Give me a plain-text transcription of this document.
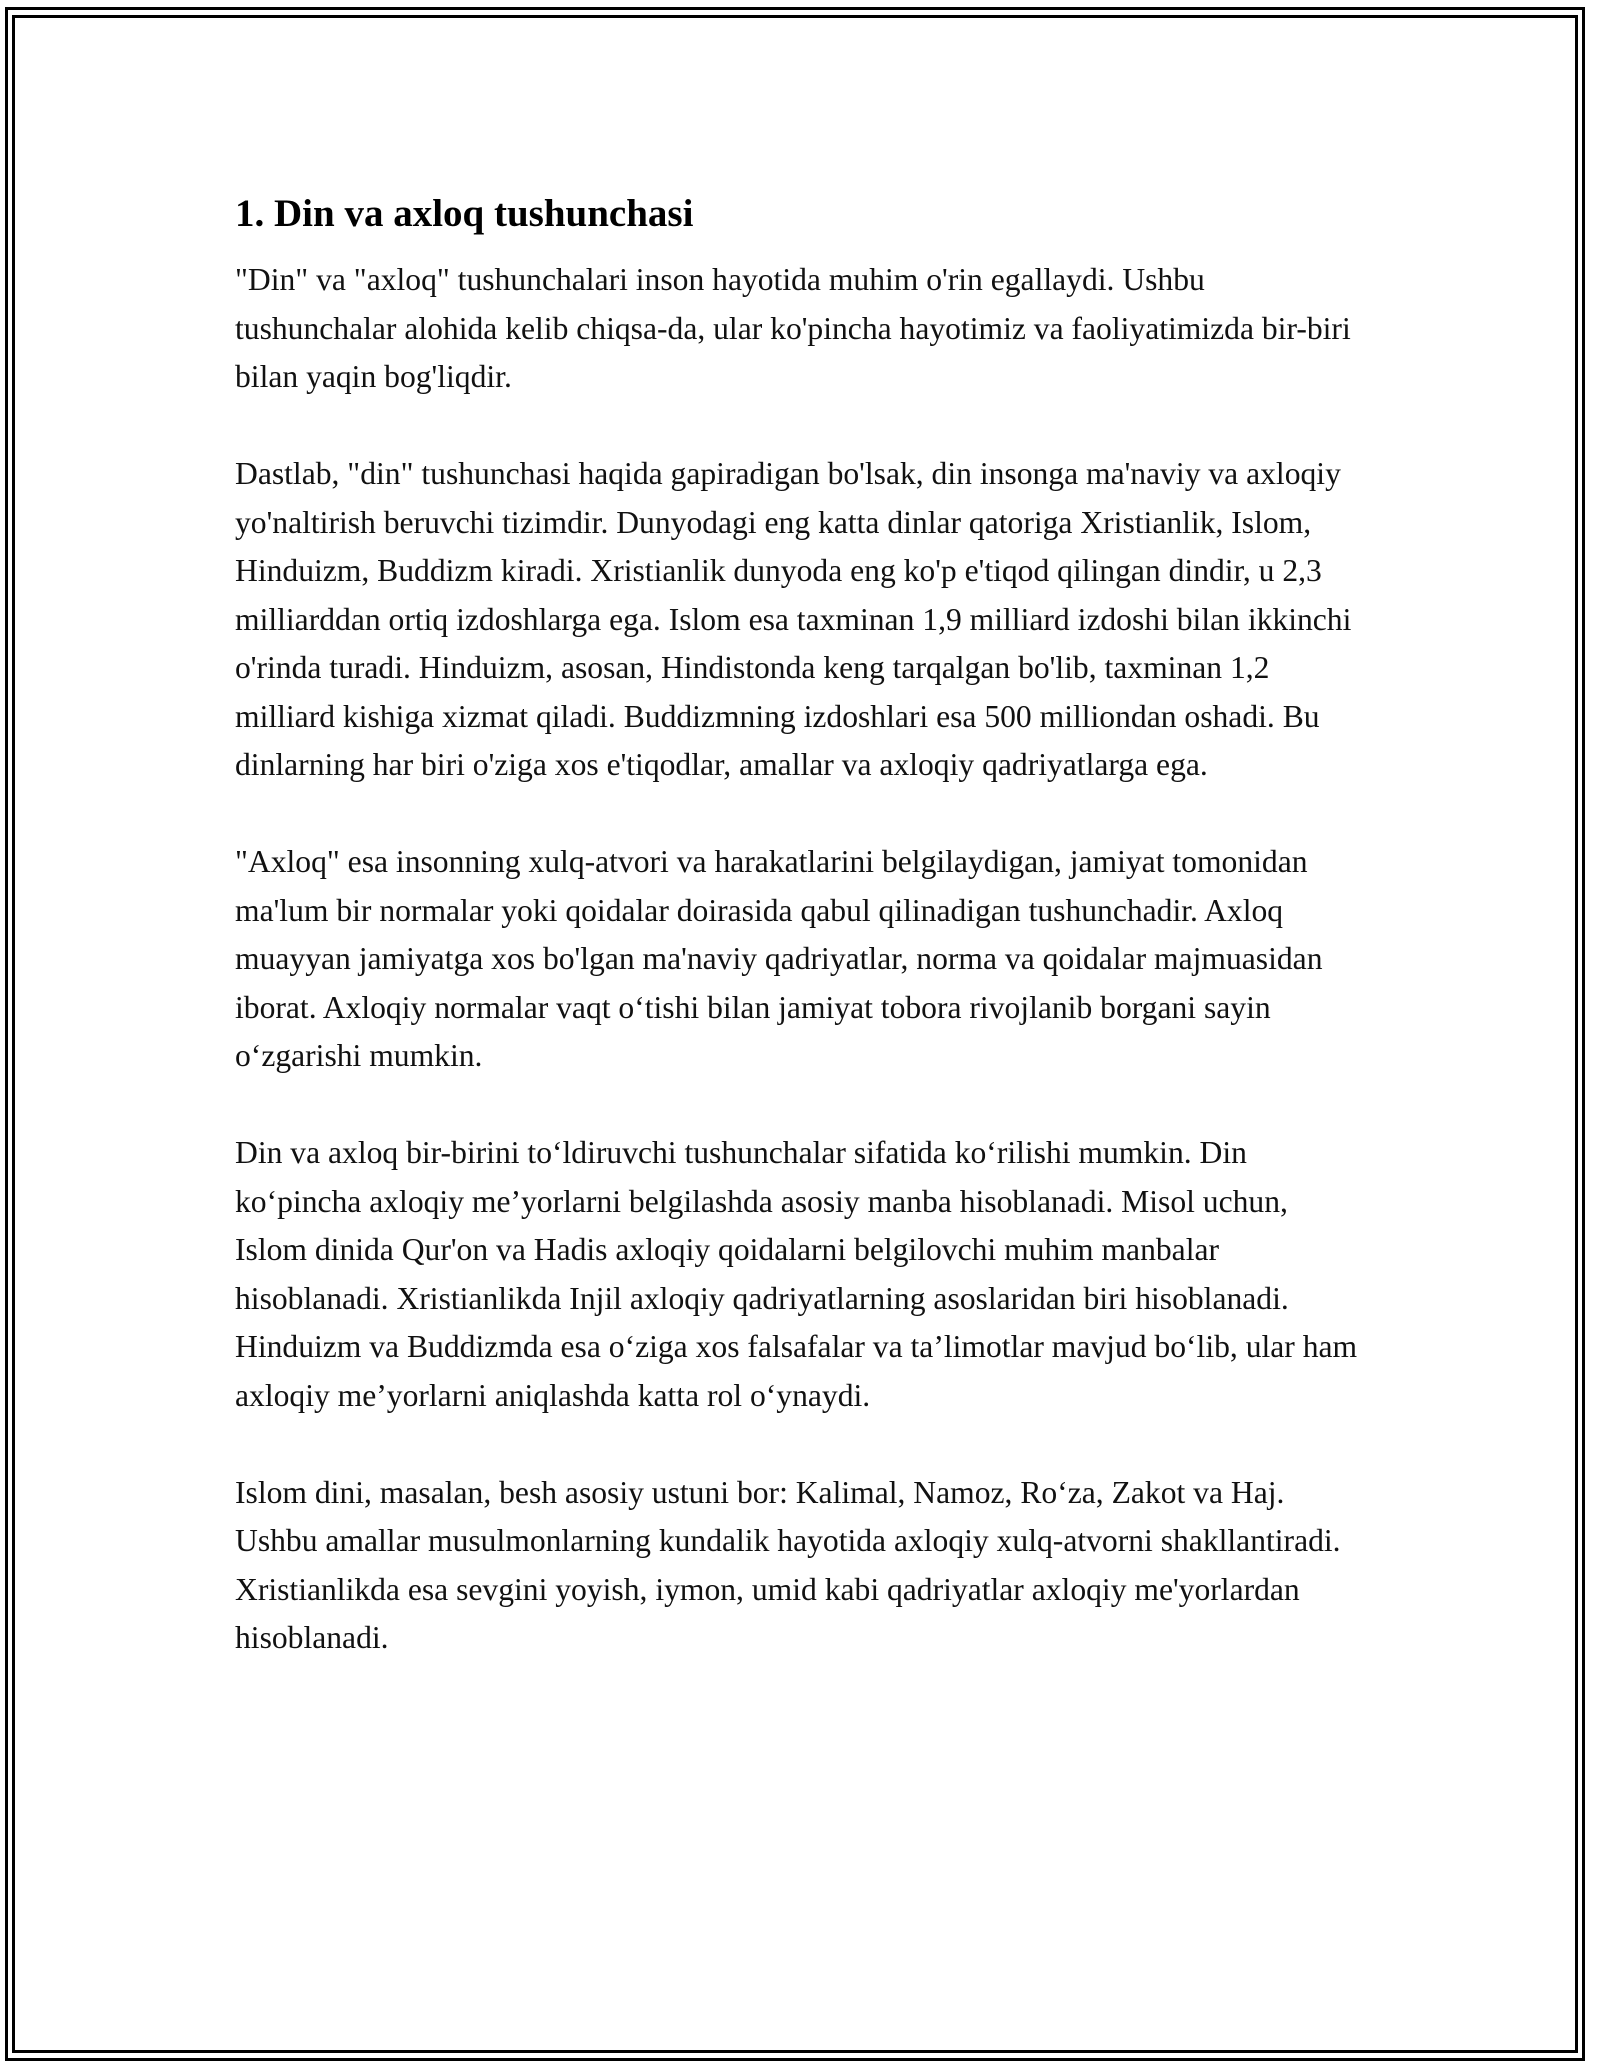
1. Din va axloq tushunchasi

"Din" va "axloq" tushunchalari inson hayotida muhim o'rin egallaydi. Ushbu tushunchalar alohida kelib chiqsa-da, ular ko'pincha hayotimiz va faoliyatimizda bir-biri bilan yaqin bog'liqdir.

Dastlab, "din" tushunchasi haqida gapiradigan bo'lsak, din insonga ma'naviy va axloqiy yo'naltirish beruvchi tizimdir. Dunyodagi eng katta dinlar qatoriga Xristianlik, Islom, Hinduizm, Buddizm kiradi. Xristianlik dunyoda eng ko'p e'tiqod qilingan dindir, u 2,3 milliarddan ortiq izdoshlarga ega. Islom esa taxminan 1,9 milliard izdoshi bilan ikkinchi o'rinda turadi. Hinduizm, asosan, Hindistonda keng tarqalgan bo'lib, taxminan 1,2 milliard kishiga xizmat qiladi. Buddizmning izdoshlari esa 500 milliondan oshadi. Bu dinlarning har biri o'ziga xos e'tiqodlar, amallar va axloqiy qadriyatlarga ega.

"Axloq" esa insonning xulq-atvori va harakatlarini belgilaydigan, jamiyat tomonidan ma'lum bir normalar yoki qoidalar doirasida qabul qilinadigan tushunchadir. Axloq muayyan jamiyatga xos bo'lgan ma'naviy qadriyatlar, norma va qoidalar majmuasidan iborat. Axloqiy normalar vaqt o‘tishi bilan jamiyat tobora rivojlanib borgani sayin o‘zgarishi mumkin.

Din va axloq bir-birini to‘ldiruvchi tushunchalar sifatida ko‘rilishi mumkin. Din ko‘pincha axloqiy me’yorlarni belgilashda asosiy manba hisoblanadi. Misol uchun, Islom dinida Qur'on va Hadis axloqiy qoidalarni belgilovchi muhim manbalar hisoblanadi. Xristianlikda Injil axloqiy qadriyatlarning asoslaridan biri hisoblanadi. Hinduizm va Buddizmda esa o‘ziga xos falsafalar va ta’limotlar mavjud bo‘lib, ular ham axloqiy me’yorlarni aniqlashda katta rol o‘ynaydi.

Islom dini, masalan, besh asosiy ustuni bor: Kalimal, Namoz, Ro‘za, Zakot va Haj. Ushbu amallar musulmonlarning kundalik hayotida axloqiy xulq-atvorni shakllantiradi. Xristianlikda esa sevgini yoyish, iymon, umid kabi qadriyatlar axloqiy me'yorlardan hisoblanadi.
